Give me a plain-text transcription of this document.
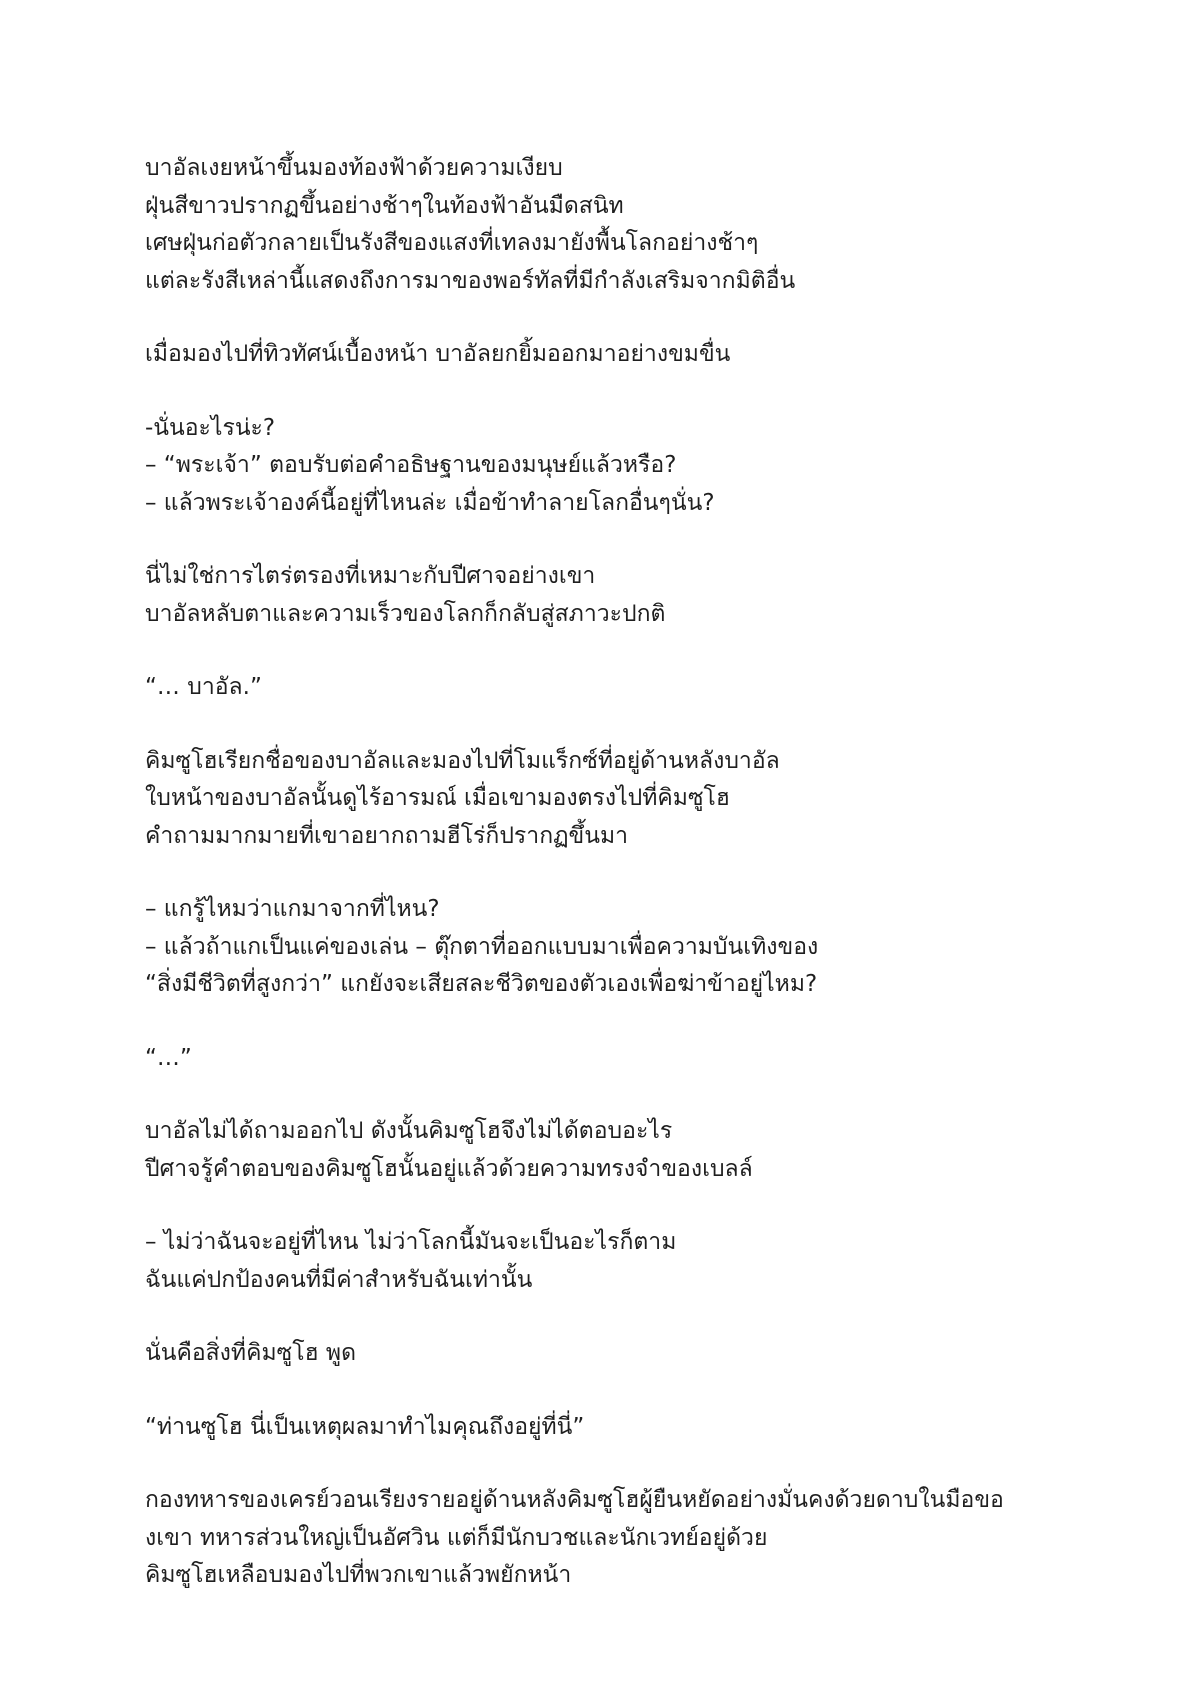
บาอัลเงยหน้าขึ้นมองท้องฟ้าด้วยความเงียบ
ฝุ่นสีขาวปรากฏขึ้นอย่างช้าๆในท้องฟ้าอันมืดสนิท
เศษฝุ่นก่อตัวกลายเป็นรังสีของแสงที่เทลงมายังพื้นโลกอย่างช้าๆ
แต่ละรังสีเหล่านี้แสดงถึงการมาของพอร์ทัลที่มีกำลังเสริมจากมิติอื่น
เมื่อมองไปที่ทิวทัศน์เบื้องหน้า บาอัลยกยิ้มออกมาอย่างขมขื่น
-นั่นอะไรน่ะ?
– “พระเจ้า” ตอบรับต่อคำอธิษฐานของมนุษย์แล้วหรือ?
– แล้วพระเจ้าองค์นี้อยู่ที่ไหนล่ะ เมื่อข้าทำลายโลกอื่นๆนั่น?
นี่ไม่ใช่การไตร่ตรองที่เหมาะกับปีศาจอย่างเขา
บาอัลหลับตาและความเร็วของโลกก็กลับสู่สภาวะปกติ
“… บาอัล.”
คิมซูโฮเรียกชื่อของบาอัลและมองไปที่โมแร็กซ์ที่อยู่ด้านหลังบาอัล
ใบหน้าของบาอัลนั้นดูไร้อารมณ์ เมื่อเขามองตรงไปที่คิมซูโฮ
คำถามมากมายที่เขาอยากถามฮีโร่ก็ปรากฏขึ้นมา
– แกรู้ไหมว่าแกมาจากที่ไหน?
– แล้วถ้าแกเป็นแค่ของเล่น – ตุ๊กตาที่ออกแบบมาเพื่อความบันเทิงของ
“สิ่งมีชีวิตที่สูงกว่า” แกยังจะเสียสละชีวิตของตัวเองเพื่อฆ่าข้าอยู่ไหม?
“…”
บาอัลไม่ได้ถามออกไป ดังนั้นคิมซูโฮจึงไม่ได้ตอบอะไร
ปีศาจรู้คำตอบของคิมซูโฮนั้นอยู่แล้วด้วยความทรงจำของเบลล์
– ไม่ว่าฉันจะอยู่ที่ไหน ไม่ว่าโลกนี้มันจะเป็นอะไรก็ตาม
ฉันแค่ปกป้องคนที่มีค่าสำหรับฉันเท่านั้น
นั่นคือสิ่งที่คิมซูโฮ พูด
“ท่านซูโฮ นี่เป็นเหตุผลมาทำไมคุณถึงอยู่ที่นี่”
กองทหารของเครย์วอนเรียงรายอยู่ด้านหลังคิมซูโฮผู้ยืนหยัดอย่างมั่นคงด้วยดาบในมือขอ
งเขา ทหารส่วนใหญ่เป็นอัศวิน แต่ก็มีนักบวชและนักเวทย์อยู่ด้วย
คิมซูโฮเหลือบมองไปที่พวกเขาแล้วพยักหน้า
